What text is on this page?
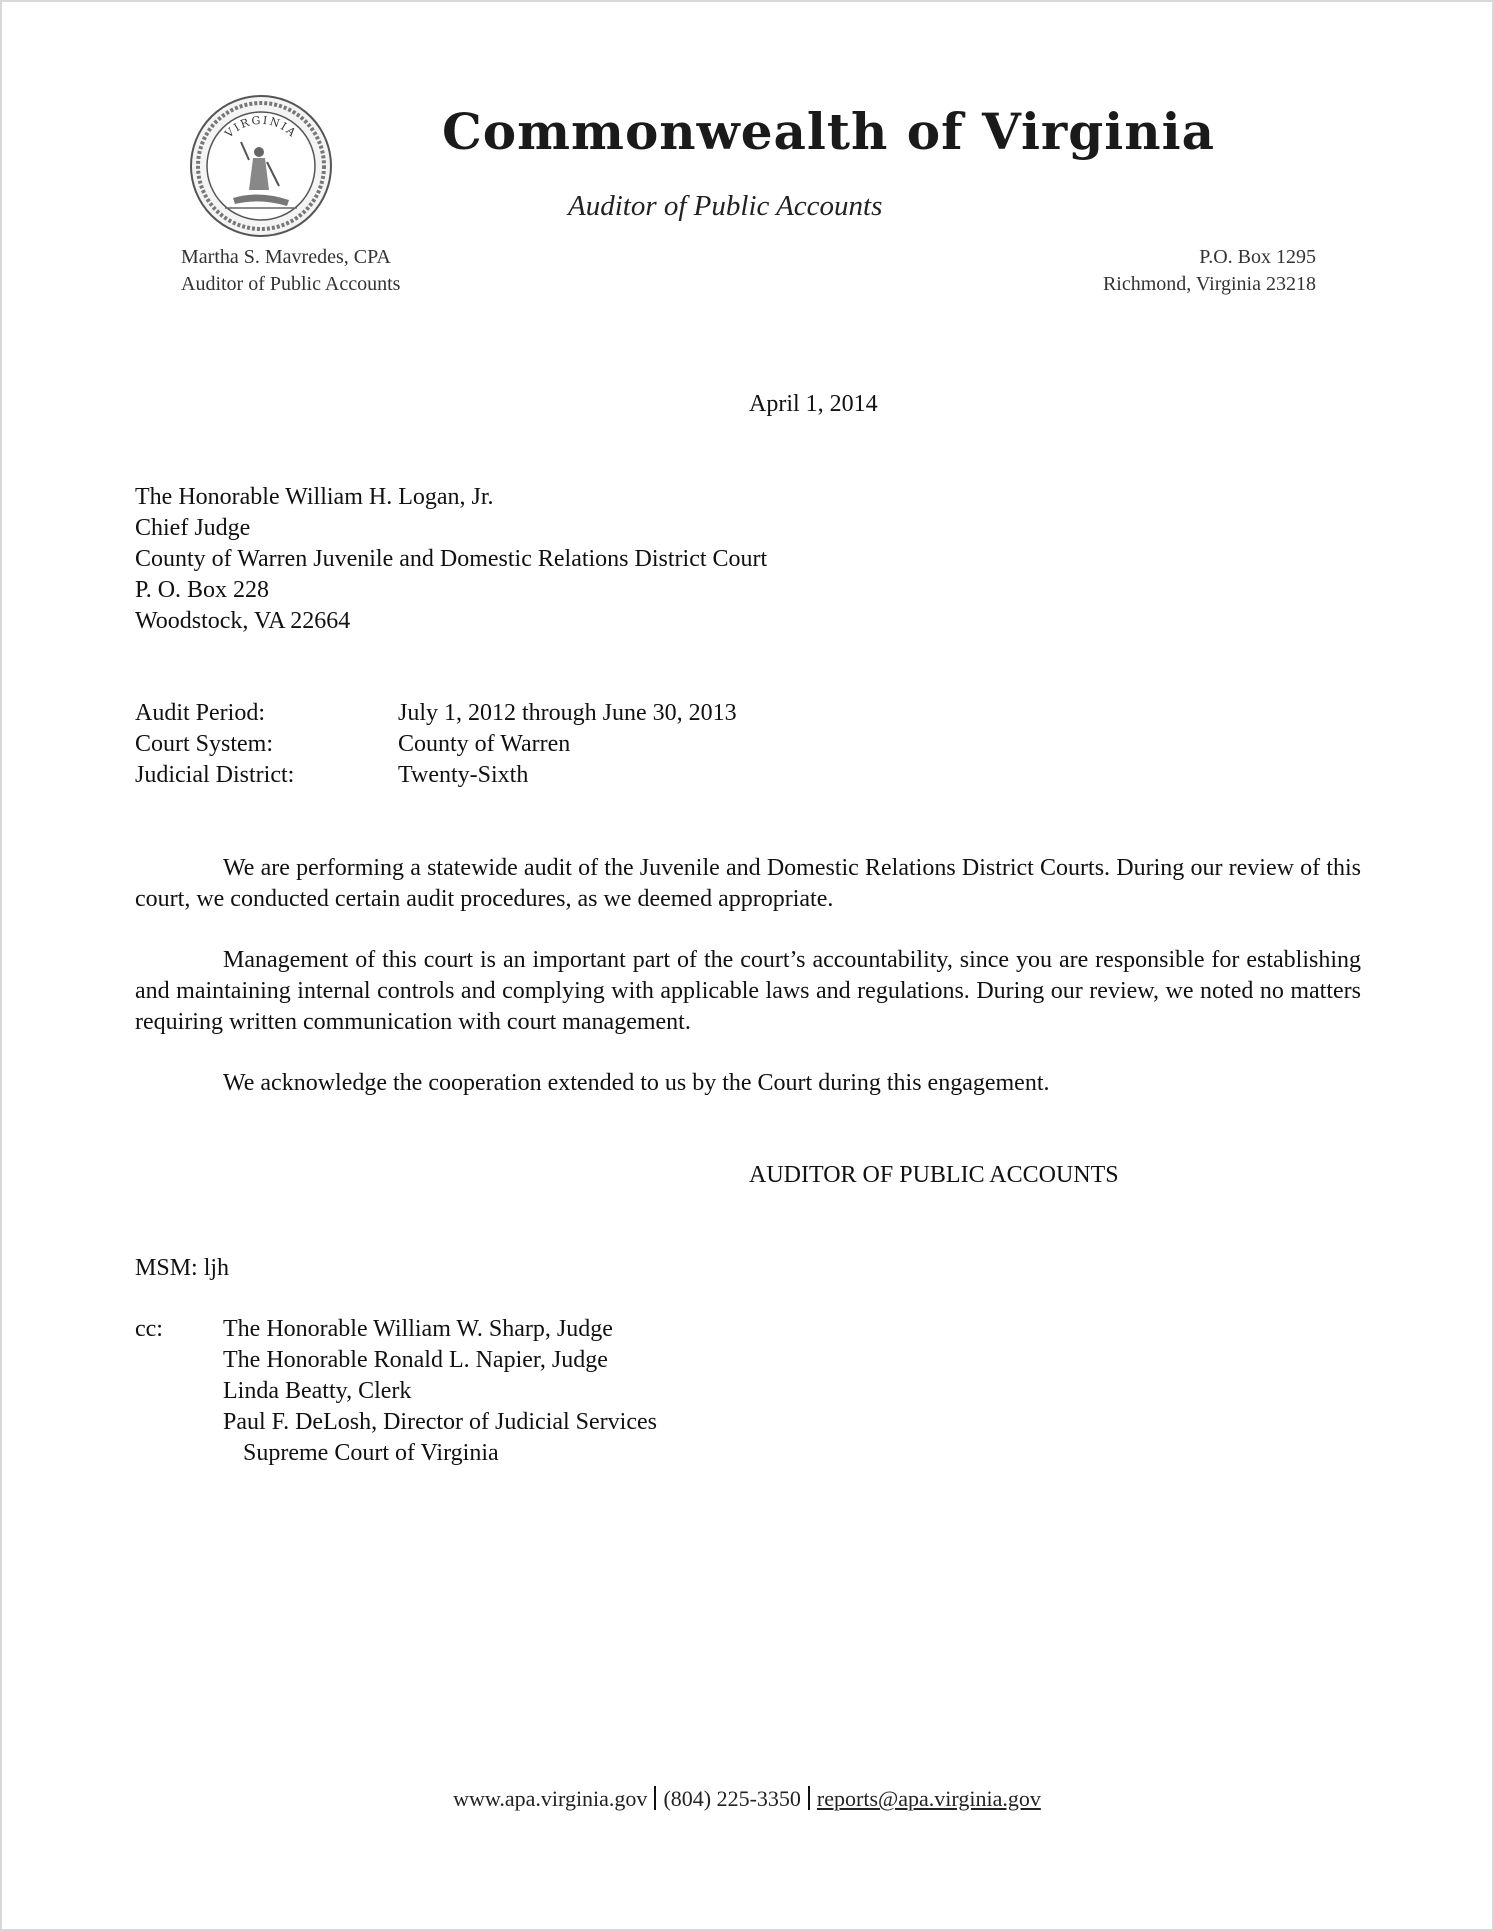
VIRGINIA	Commonwealth of Virginia
Auditor of Public Accounts
Martha S. Mavredes, CPA
Auditor of Public Accounts
P.O. Box 1295
Richmond, Virginia 23218
April 1, 2014
The Honorable William H. Logan, Jr.
Chief Judge
County of Warren Juvenile and Domestic Relations District Court
P. O. Box 228
Woodstock, VA 22664
Audit Period:
Court System:
Judicial District:
July 1, 2012 through June 30, 2013
County of Warren
Twenty-Sixth
We are performing a statewide audit of the Juvenile and Domestic Relations District Courts. During our review of this court, we conducted certain audit procedures, as we deemed appropriate.
Management of this court is an important part of the court’s accountability, since you are responsible for establishing and maintaining internal controls and complying with applicable laws and regulations. During our review, we noted no matters requiring written communication with court management.
We acknowledge the cooperation extended to us by the Court during this engagement.
AUDITOR OF PUBLIC ACCOUNTS
MSM: ljh
cc:	The Honorable William W. Sharp, Judge
The Honorable Ronald L. Napier, Judge
Linda Beatty, Clerk
Paul F. DeLosh, Director of Judicial Services
Supreme Court of Virginia
www.apa.virginia.gov (804) 225-3350 reports@apa.virginia.gov
